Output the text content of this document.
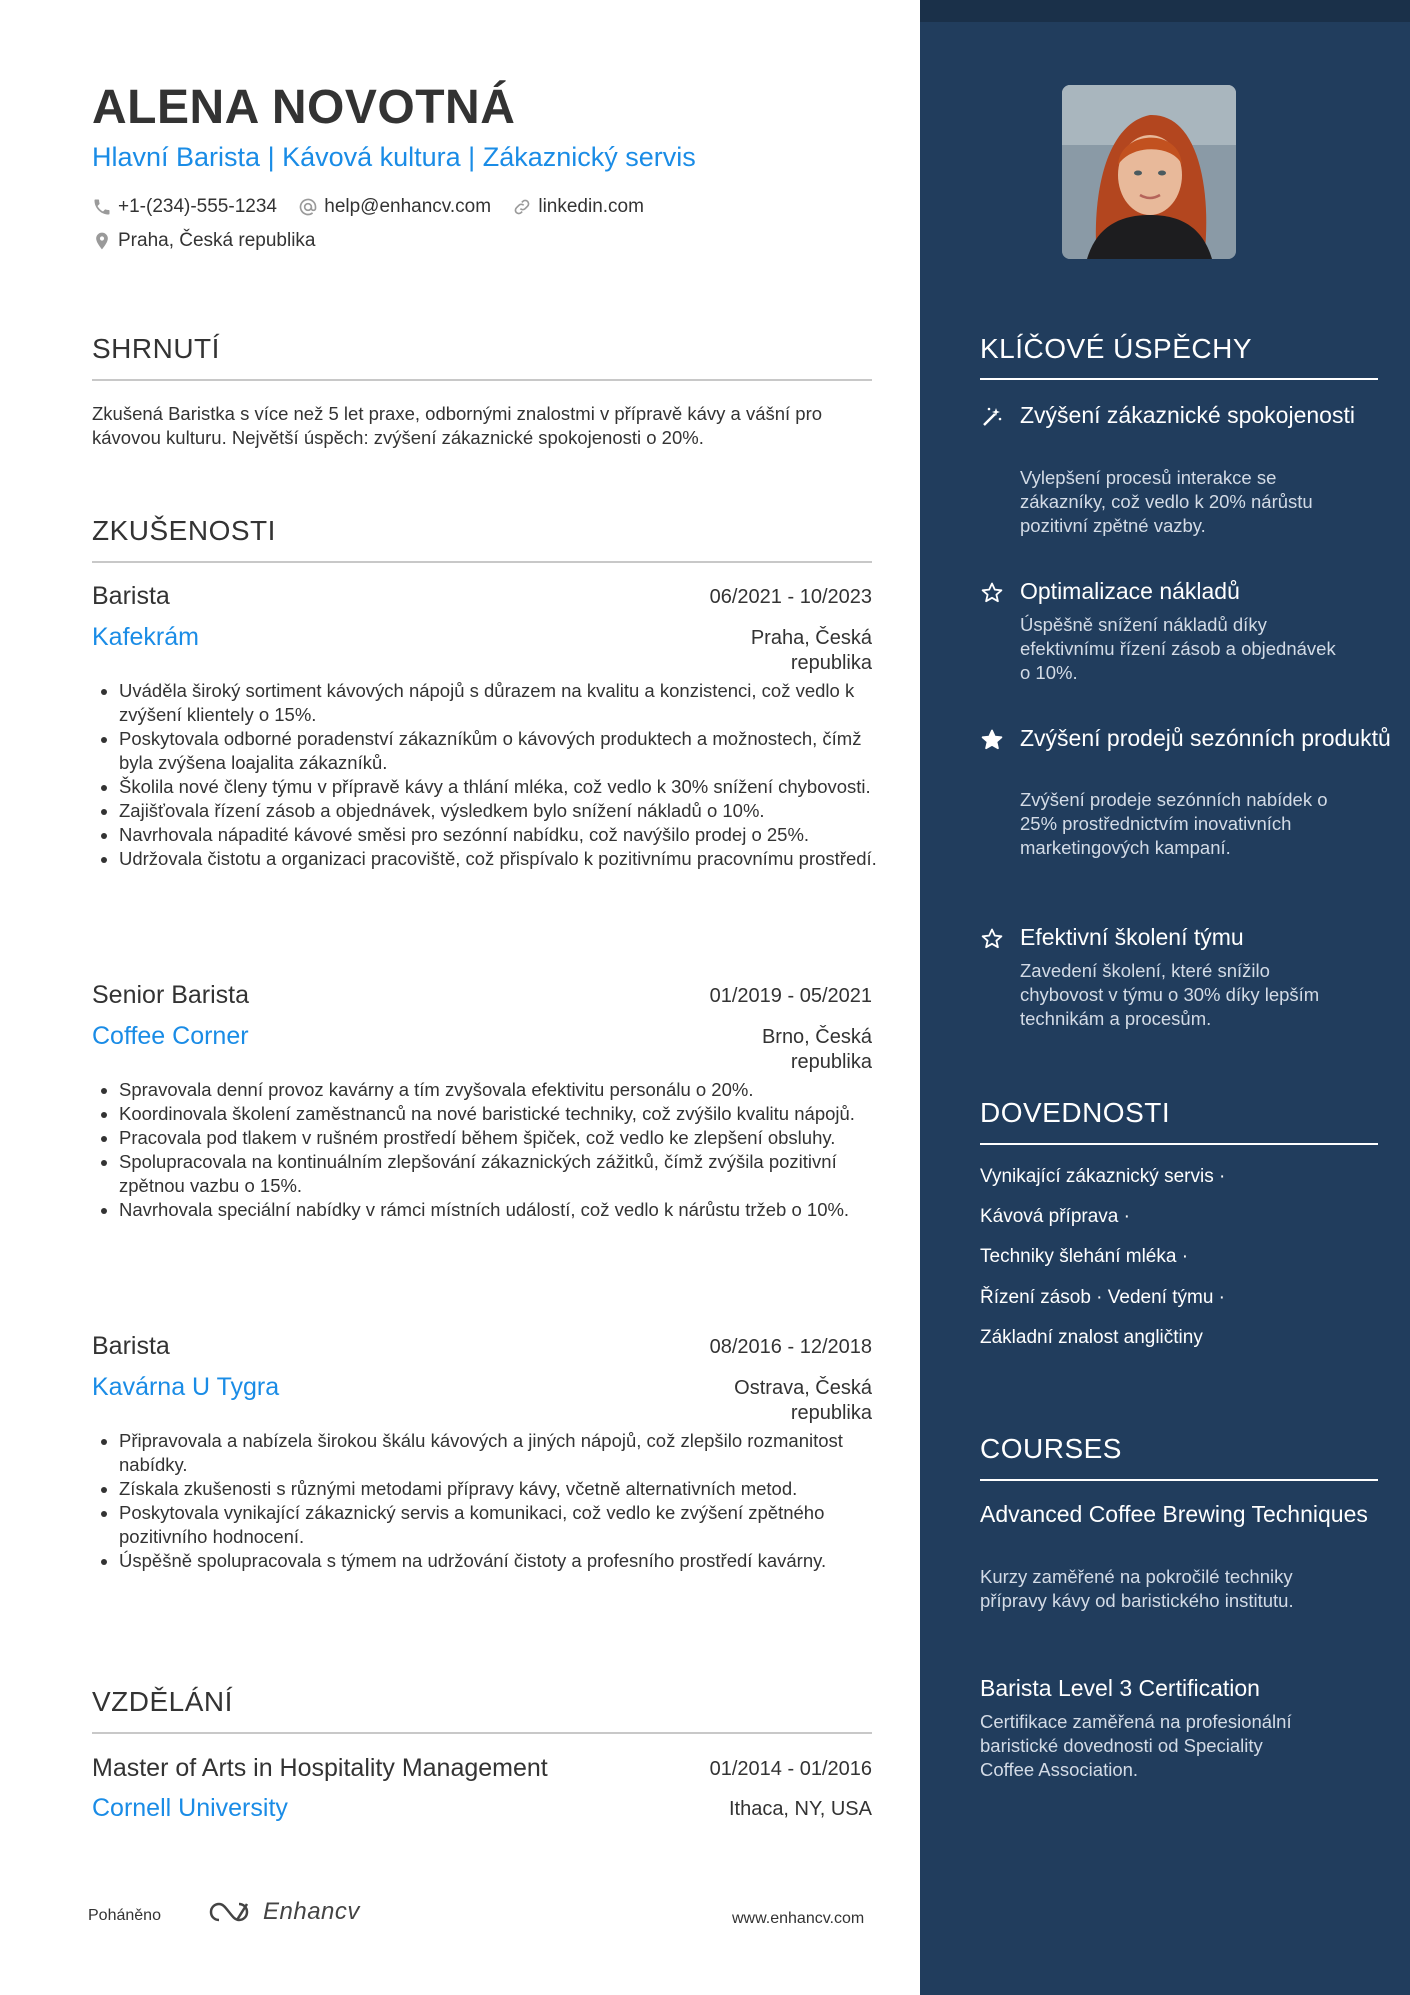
ALENA NOVOTNÁ
Hlavní Barista | Kávová kultura | Zákaznický servis
+1-(234)-555-1234
help@enhancv.com
linkedin.com
Praha, Česká republika
SHRNUTÍ
Zkušená Baristka s více než 5 let praxe, odbornými znalostmi v přípravě kávy a vášní pro kávovou kulturu. Největší úspěch: zvýšení zákaznické spokojenosti o 20%.
ZKUŠENOSTI
Barista	06/2021 - 10/2023
Kafekrám	Praha, Česká republika
• Uváděla široký sortiment kávových nápojů s důrazem na kvalitu a konzistenci, což vedlo k zvýšení klientely o 15%.
• Poskytovala odborné poradenství zákazníkům o kávových produktech a možnostech, čímž byla zvýšena loajalita zákazníků.
• Školila nové členy týmu v přípravě kávy a thlání mléka, což vedlo k 30% snížení chybovosti.
• Zajišťovala řízení zásob a objednávek, výsledkem bylo snížení nákladů o 10%.
• Navrhovala nápadité kávové směsi pro sezónní nabídku, což navýšilo prodej o 25%.
• Udržovala čistotu a organizaci pracoviště, což přispívalo k pozitivnímu pracovnímu prostředí.
Senior Barista	01/2019 - 05/2021
Coffee Corner	Brno, Česká republika
• Spravovala denní provoz kavárny a tím zvyšovala efektivitu personálu o 20%.
• Koordinovala školení zaměstnanců na nové baristické techniky, což zvýšilo kvalitu nápojů.
• Pracovala pod tlakem v rušném prostředí během špiček, což vedlo ke zlepšení obsluhy.
• Spolupracovala na kontinuálním zlepšování zákaznických zážitků, čímž zvýšila pozitivní zpětnou vazbu o 15%.
• Navrhovala speciální nabídky v rámci místních událostí, což vedlo k nárůstu tržeb o 10%.
Barista	08/2016 - 12/2018
Kavárna U Tygra	Ostrava, Česká republika
• Připravovala a nabízela širokou škálu kávových a jiných nápojů, což zlepšilo rozmanitost nabídky.
• Získala zkušenosti s různými metodami přípravy kávy, včetně alternativních metod.
• Poskytovala vynikající zákaznický servis a komunikaci, což vedlo ke zvýšení zpětného pozitivního hodnocení.
• Úspěšně spolupracovala s týmem na udržování čistoty a profesního prostředí kavárny.
VZDĚLÁNÍ
Master of Arts in Hospitality Management	01/2014 - 01/2016
Cornell University	Ithaca, NY, USA
Poháněno	Enhancv	www.enhancv.com
KLÍČOVÉ ÚSPĚCHY
Zvýšení zákaznické spokojenosti
Vylepšení procesů interakce se zákazníky, což vedlo k 20% nárůstu pozitivní zpětné vazby.
Optimalizace nákladů
Úspěšně snížení nákladů díky efektivnímu řízení zásob a objednávek o 10%.
Zvýšení prodejů sezónních produktů
Zvýšení prodeje sezónních nabídek o 25% prostřednictvím inovativních marketingových kampaní.
Efektivní školení týmu
Zavedení školení, které snížilo chybovost v týmu o 30% díky lepším technikám a procesům.
DOVEDNOSTI
Vynikající zákaznický servis ·
Kávová příprava ·
Techniky šlehání mléka ·
Řízení zásob · Vedení týmu ·
Základní znalost angličtiny
COURSES
Advanced Coffee Brewing Techniques
Kurzy zaměřené na pokročilé techniky přípravy kávy od baristického institutu.
Barista Level 3 Certification
Certifikace zaměřená na profesionální baristické dovednosti od Speciality Coffee Association.
